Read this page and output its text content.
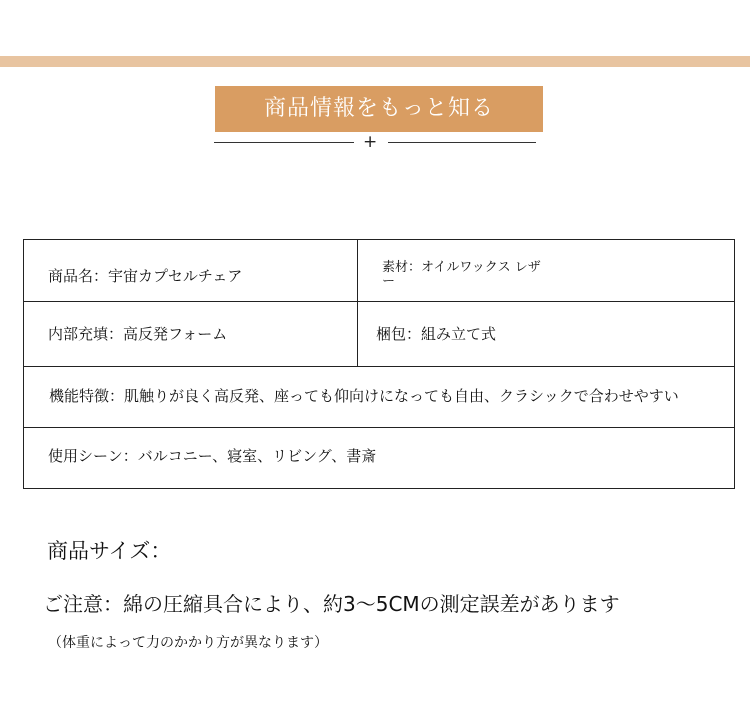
商品情報をもっと知る
+
商品名：宇宙カプセルチェア	素材：オイルワックス レザー
内部充填：高反発フォーム	梱包：組み立て式
機能特徴：肌触りが良く高反発、座っても仰向けになっても自由、クラシックで合わせやすい
使用シーン：バルコニー、寝室、リビング、書斎
商品サイズ：
ご注意：綿の圧縮具合により、約3～5CMの測定誤差があります
（体重によって力のかかり方が異なります）
